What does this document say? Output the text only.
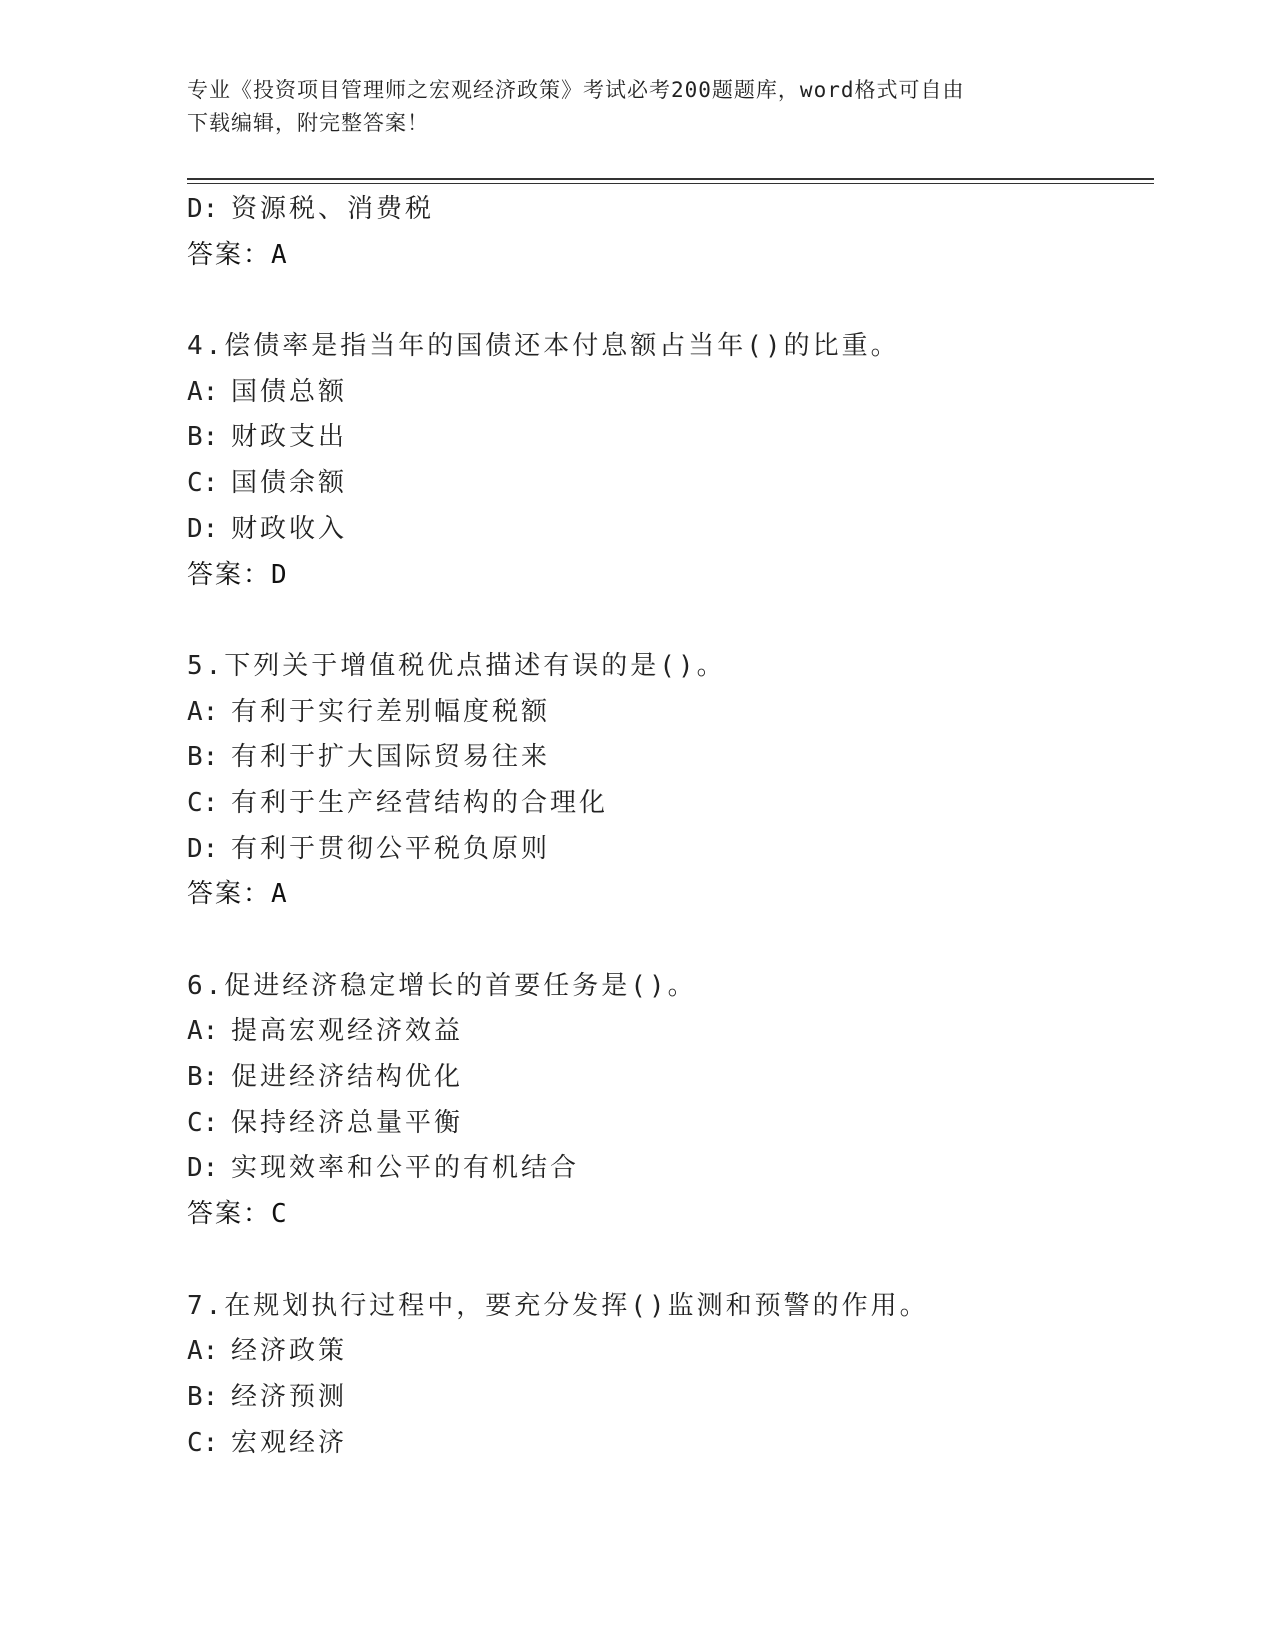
专业《投资项目管理师之宏观经济政策》考试必考200题题库，word格式可自由
下载编辑，附完整答案！
D: 资源税、消费税
答案：A
4.偿债率是指当年的国债还本付息额占当年()的比重。
A: 国债总额
B: 财政支出
C: 国债余额
D: 财政收入
答案：D
5.下列关于增值税优点描述有误的是()。
A: 有利于实行差别幅度税额
B: 有利于扩大国际贸易往来
C: 有利于生产经营结构的合理化
D: 有利于贯彻公平税负原则
答案：A
6.促进经济稳定增长的首要任务是()。
A: 提高宏观经济效益
B: 促进经济结构优化
C: 保持经济总量平衡
D: 实现效率和公平的有机结合
答案：C
7.在规划执行过程中，要充分发挥()监测和预警的作用。
A: 经济政策
B: 经济预测
C: 宏观经济
